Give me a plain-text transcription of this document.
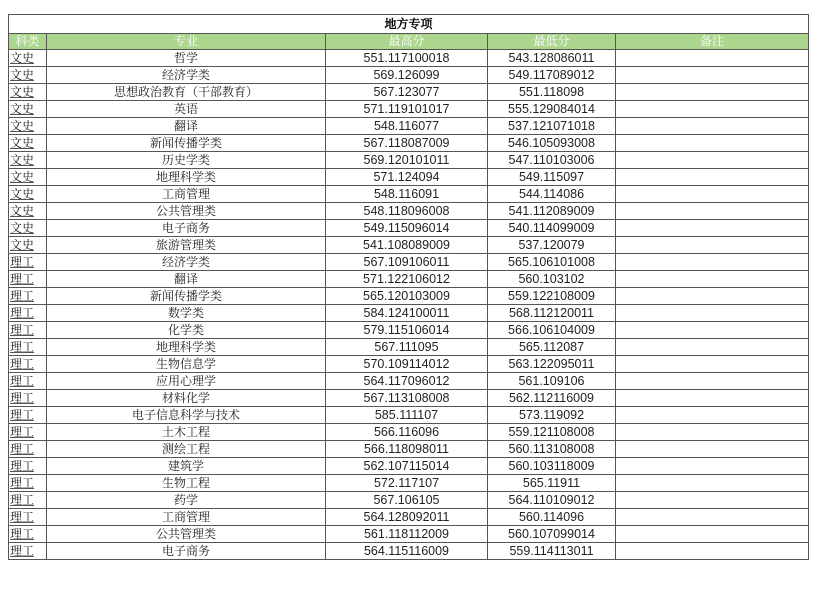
地方专项				
科类	专业	最高分	最低分	备注
文史	哲学	551.117100018	543.128086011	
文史	经济学类	569.126099	549.117089012	
文史	思想政治教育（干部教育）	567.123077	551.118098	
文史	英语	571.119101017	555.129084014	
文史	翻译	548.116077	537.121071018	
文史	新闻传播学类	567.118087009	546.105093008	
文史	历史学类	569.120101011	547.110103006	
文史	地理科学类	571.124094	549.115097	
文史	工商管理	548.116091	544.114086	
文史	公共管理类	548.118096008	541.112089009	
文史	电子商务	549.115096014	540.114099009	
文史	旅游管理类	541.108089009	537.120079	
理工	经济学类	567.109106011	565.106101008	
理工	翻译	571.122106012	560.103102	
理工	新闻传播学类	565.120103009	559.122108009	
理工	数学类	584.124100011	568.112120011	
理工	化学类	579.115106014	566.106104009	
理工	地理科学类	567.111095	565.112087	
理工	生物信息学	570.109114012	563.122095011	
理工	应用心理学	564.117096012	561.109106	
理工	材料化学	567.113108008	562.112116009	
理工	电子信息科学与技术	585.111107	573.119092	
理工	土木工程	566.116096	559.121108008	
理工	测绘工程	566.118098011	560.113108008	
理工	建筑学	562.107115014	560.103118009	
理工	生物工程	572.117107	565.11911	
理工	药学	567.106105	564.110109012	
理工	工商管理	564.128092011	560.114096	
理工	公共管理类	561.118112009	560.107099014	
理工	电子商务	564.115116009	559.114113011	
